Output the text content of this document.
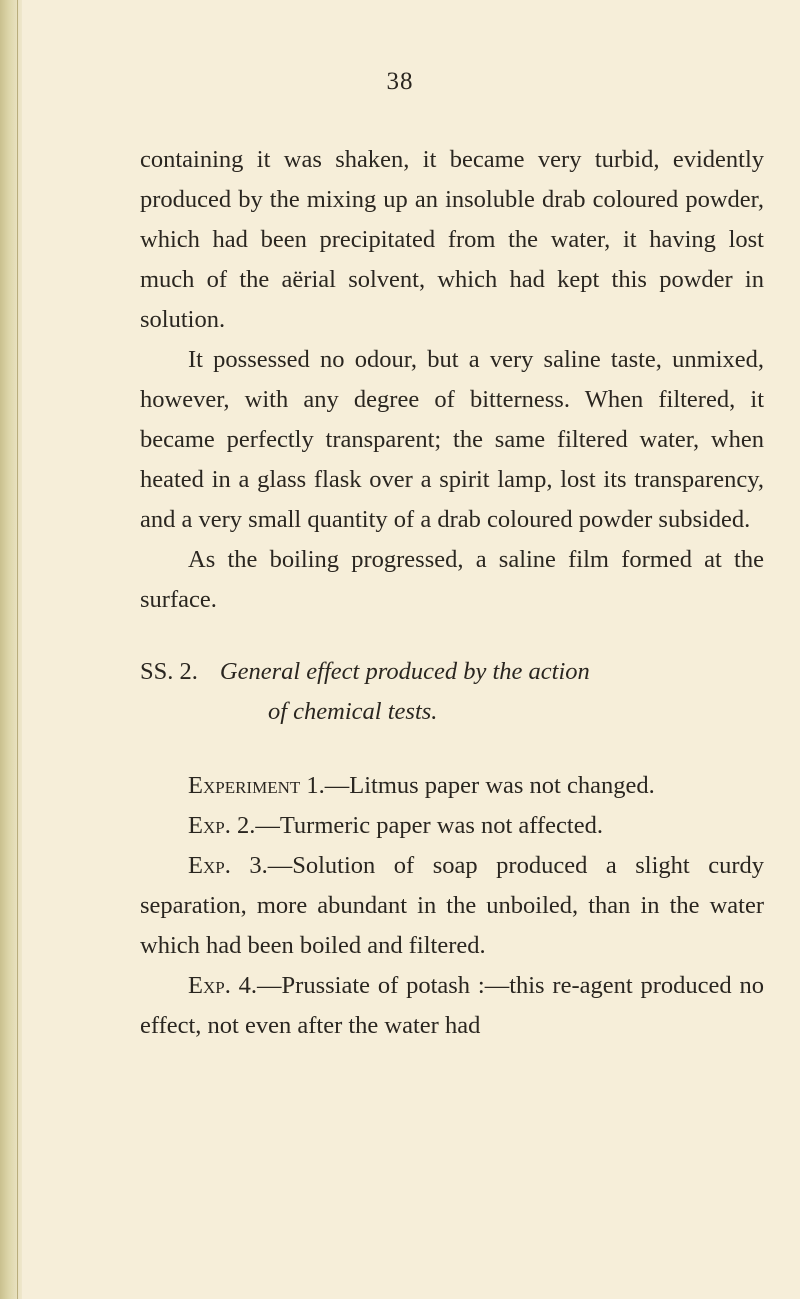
38

containing it was shaken, it became very turbid, evidently produced by the mixing up an insoluble drab coloured powder, which had been precipitated from the water, it having lost much of the aërial solvent, which had kept this powder in solution.

It possessed no odour, but a very saline taste, unmixed, however, with any degree of bitterness. When filtered, it became perfectly transparent; the same filtered water, when heated in a glass flask over a spirit lamp, lost its transparency, and a very small quantity of a drab coloured powder subsided.

As the boiling progressed, a saline film formed at the surface.

SS. 2. General effect produced by the action
of chemical tests.

Experiment 1.—Litmus paper was not changed.

Exp. 2.—Turmeric paper was not affected.

Exp. 3.—Solution of soap produced a slight curdy separation, more abundant in the unboiled, than in the water which had been boiled and filtered.

Exp. 4.—Prussiate of potash :—this re-agent produced no effect, not even after the water had
